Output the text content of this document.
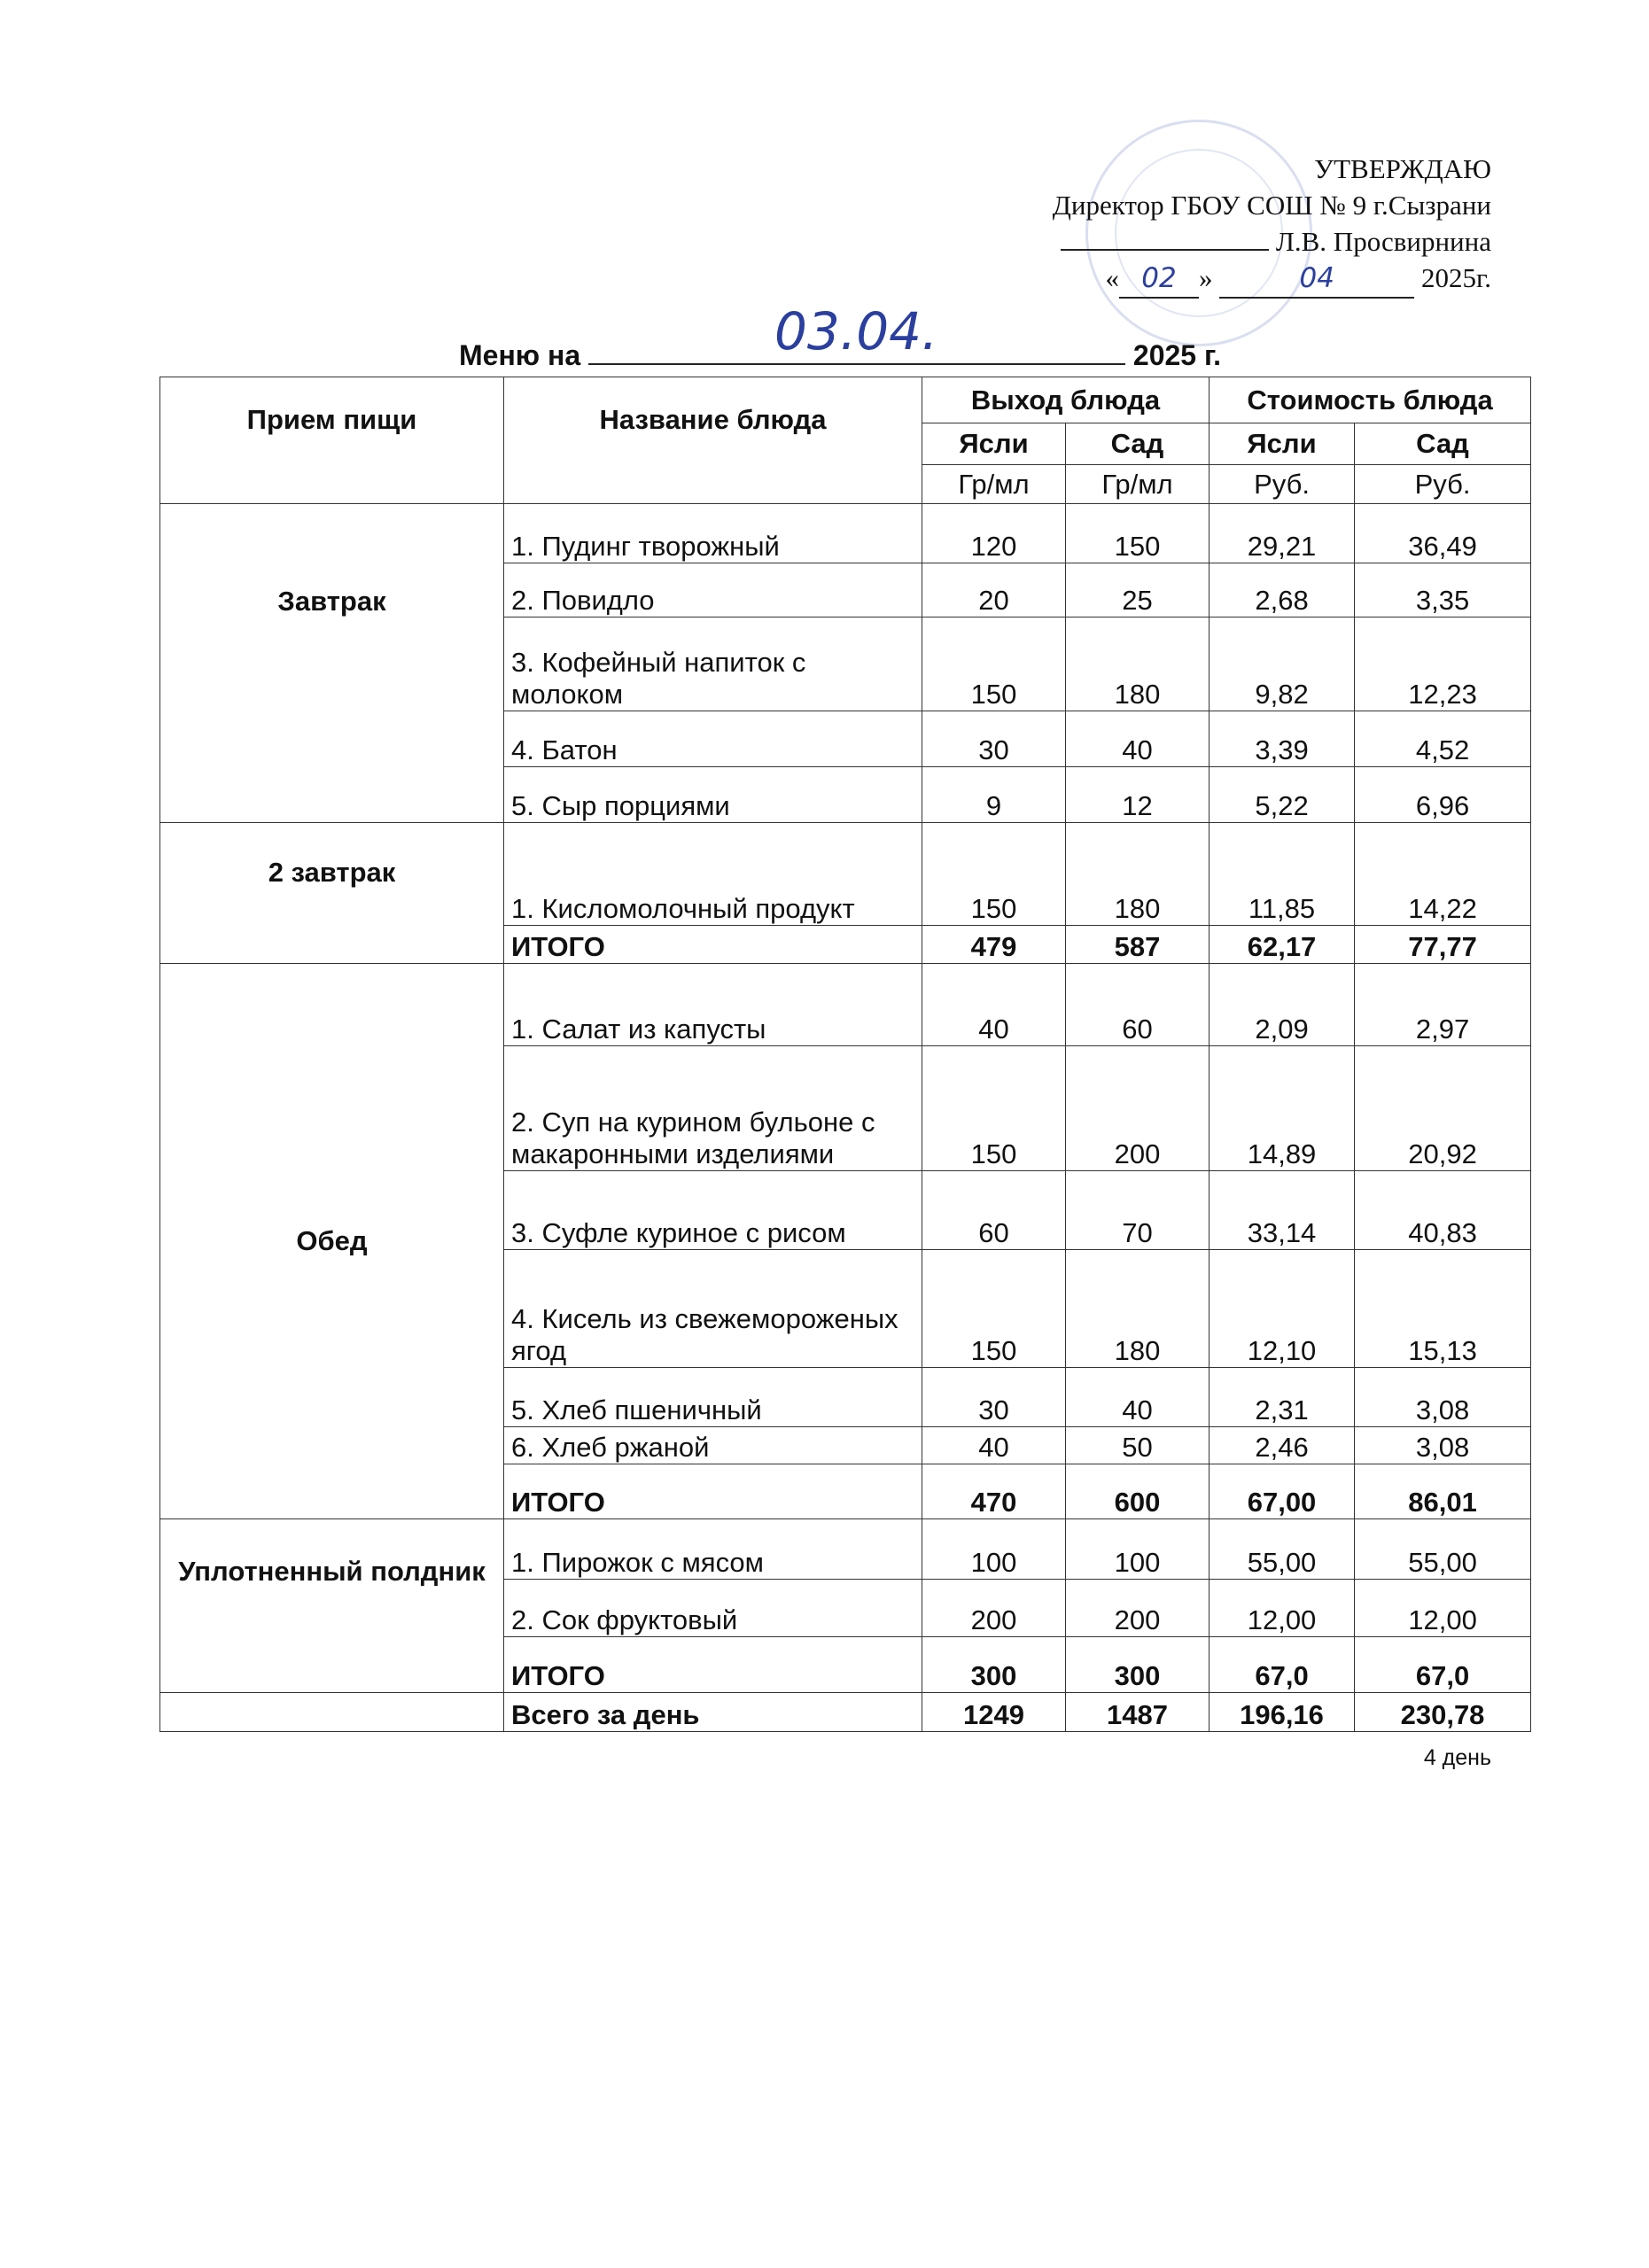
УТВЕРЖДАЮ
Директор ГБОУ СОШ № 9 г.Сызрани
Л.В. Просвирнина
« 02 »	04	2025г.
Меню на	03.04.	2025 г.
Прием пищи	Название блюда	Выход блюда		Стоимость блюда	
		Ясли	Сад	Ясли	Сад
		Гр/мл	Гр/мл	Руб.	Руб.
Завтрак	1. Пудинг творожный	120	150	29,21	36,49
	2. Повидло	20	25	2,68	3,35
	3. Кофейный напиток с молоком	150	180	9,82	12,23
	4. Батон	30	40	3,39	4,52
	5. Сыр порциями	9	12	5,22	6,96
2 завтрак	1. Кисломолочный продукт	150	180	11,85	14,22
	ИТОГО	479	587	62,17	77,77
Обед	1. Салат из капусты	40	60	2,09	2,97
	2. Суп на курином бульоне с макаронными изделиями	150	200	14,89	20,92
	3. Суфле куриное с рисом	60	70	33,14	40,83
	4. Кисель из свежемороженых ягод	150	180	12,10	15,13
	5. Хлеб пшеничный	30	40	2,31	3,08
	6. Хлеб ржаной	40	50	2,46	3,08
	ИТОГО	470	600	67,00	86,01
Уплотненный полдник	1. Пирожок с мясом	100	100	55,00	55,00
	2. Сок фруктовый	200	200	12,00	12,00
	ИТОГО	300	300	67,0	67,0
	Всего за день	1249	1487	196,16	230,78
4 день
